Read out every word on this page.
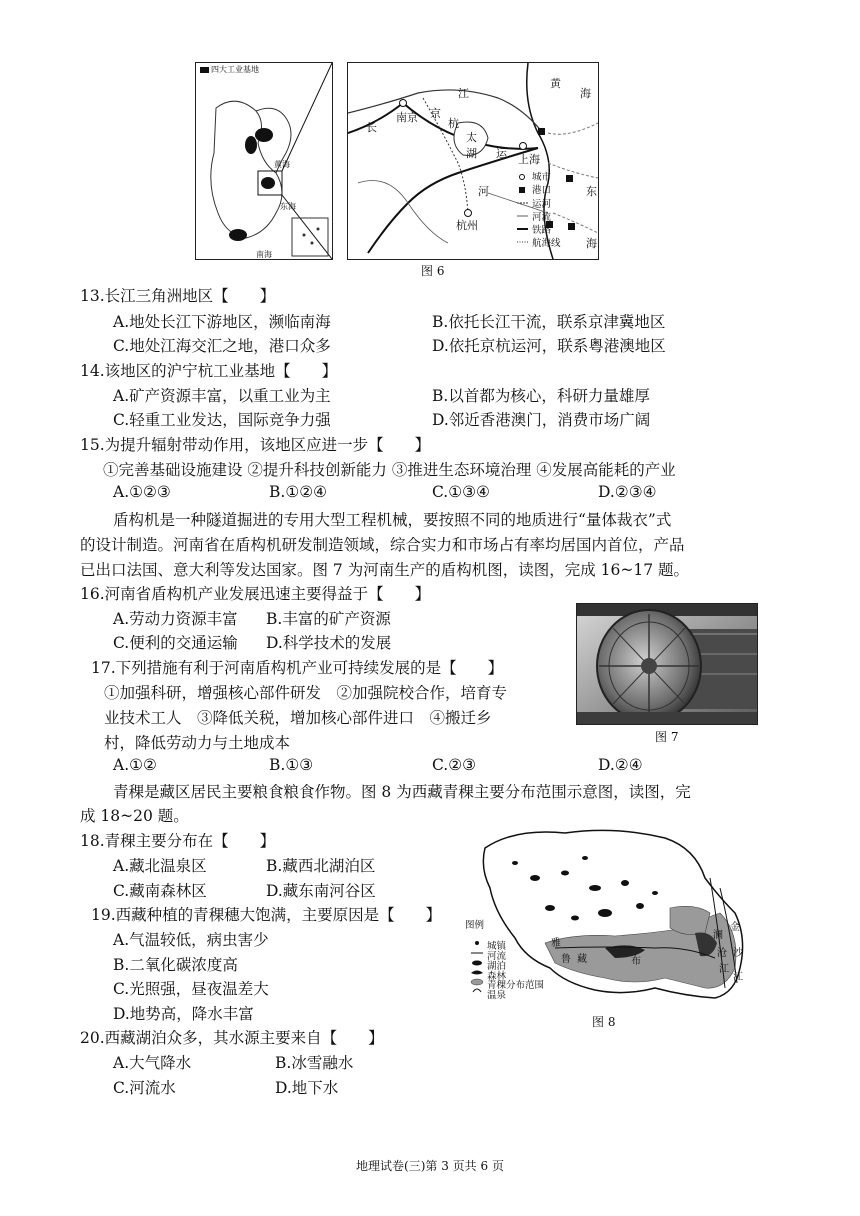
四大工业基地
黄海
东海
南海
南京
江
长
京
杭
太
湖 运
河
上海
杭州
黄
海
东
海
城市
港口
运河
河流
铁路
航海线
图 6
13.长江三角洲地区【　　】
A.地处长江下游地区，濒临南海	B.依托长江干流，联系京津冀地区
C.地处江海交汇之地，港口众多	D.依托京杭运河，联系粤港澳地区
14.该地区的沪宁杭工业基地【　　】
A.矿产资源丰富，以重工业为主	B.以首都为核心，科研力量雄厚
C.轻重工业发达，国际竞争力强	D.邻近香港澳门，消费市场广阔
15.为提升辐射带动作用，该地区应进一步【　　】
①完善基础设施建设 ②提升科技创新能力 ③推进生态环境治理 ④发展高能耗的产业
A.①②③	B.①②④	C.①③④	D.②③④
盾构机是一种隧道掘进的专用大型工程机械，要按照不同的地质进行“量体裁衣”式
的设计制造。河南省在盾构机研发制造领域，综合实力和市场占有率均居国内首位，产品
已出口法国、意大利等发达国家。图 7 为河南生产的盾构机图，读图，完成 16~17 题。
16.河南省盾构机产业发展迅速主要得益于【　　】
A.劳动力资源丰富 B.丰富的矿产资源
C.便利的交通运输 D.科学技术的发展
图 7
17.下列措施有利于河南盾构机产业可持续发展的是【　　】
①加强科研，增强核心部件研发　②加强院校合作，培育专
业技术工人　③降低关税，增加核心部件进口　④搬迁乡
村，降低劳动力与土地成本
A.①②	B.①③	C.②③	D.②④
青稞是藏区居民主要粮食粮食作物。图 8 为西藏青稞主要分布范围示意图，读图，完
成 18~20 题。
18.青稞主要分布在【　　】
A.藏北温泉区	B.藏西北湖泊区
C.藏南森林区	D.藏东南河谷区
19.西藏种植的青稞穗大饱满，主要原因是【　　】
A.气温较低，病虫害少
B.二氧化碳浓度高
C.光照强，昼夜温差大
D.地势高，降水丰富
20.西藏湖泊众多，其水源主要来自【　　】
A.大气降水	B.冰雪融水
C.河流水	D.地下水
图例
城镇
河流
湖泊
森林
青稞分布范围
温泉
雅
鲁 藏	布
金
沙
江
澜
沧
江
图 8
地理试卷(三)第 3 页共 6 页
